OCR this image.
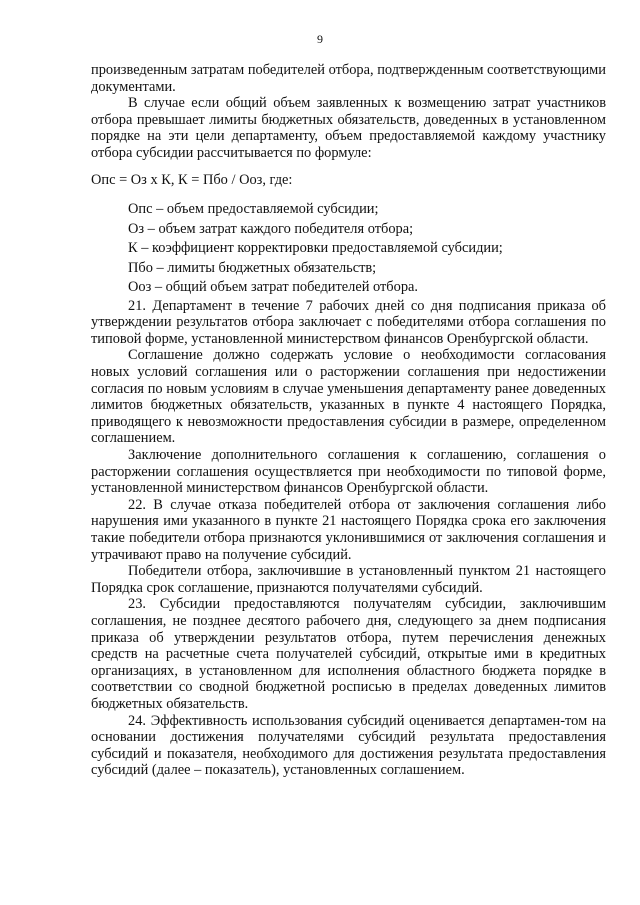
9

произведенным затратам победителей отбора, подтвержденным соответствующими документами.

В случае если общий объем заявленных к возмещению затрат участников отбора превышает лимиты бюджетных обязательств, доведенных в установленном порядке на эти цели департаменту, объем предоставляемой каждому участнику отбора субсидии рассчитывается по формуле:

Опс = Оз х К, К = Пбо / Ооз, где:

Опс – объем предоставляемой субсидии;

Оз – объем затрат каждого победителя отбора;

К – коэффициент корректировки предоставляемой субсидии;

Пбо – лимиты бюджетных обязательств;

Ооз – общий объем затрат победителей отбора.

21. Департамент в течение 7 рабочих дней со дня подписания приказа об утверждении результатов отбора заключает с победителями отбора соглашения по типовой форме, установленной министерством финансов Оренбургской области.

Соглашение должно содержать условие о необходимости согласования новых условий соглашения или о расторжении соглашения при недостижении согласия по новым условиям в случае уменьшения департаменту ранее доведенных лимитов бюджетных обязательств, указанных в пункте 4 настоящего Порядка, приводящего к невозможности предоставления субсидии в размере, определенном соглашением.

Заключение дополнительного соглашения к соглашению, соглашения о расторжении соглашения осуществляется при необходимости по типовой форме, установленной министерством финансов Оренбургской области.

22. В случае отказа победителей отбора от заключения соглашения либо нарушения ими указанного в пункте 21 настоящего Порядка срока его заключения такие победители отбора признаются уклонившимися от заключения соглашения и утрачивают право на получение субсидий.

Победители отбора, заключившие в установленный пунктом 21 настоящего Порядка срок соглашение, признаются получателями субсидий.

23. Субсидии предоставляются получателям субсидии, заключившим соглашения, не позднее десятого рабочего дня, следующего за днем подписания приказа об утверждении результатов отбора, путем перечисления денежных средств на расчетные счета получателей субсидий, открытые ими в кредитных организациях, в установленном для исполнения областного бюджета порядке в соответствии со сводной бюджетной росписью в пределах доведенных лимитов бюджетных обязательств.

24. Эффективность использования субсидий оценивается департамен-том на основании достижения получателями субсидий результата предоставления субсидий и показателя, необходимого для достижения результата предоставления субсидий (далее – показатель), установленных соглашением.
